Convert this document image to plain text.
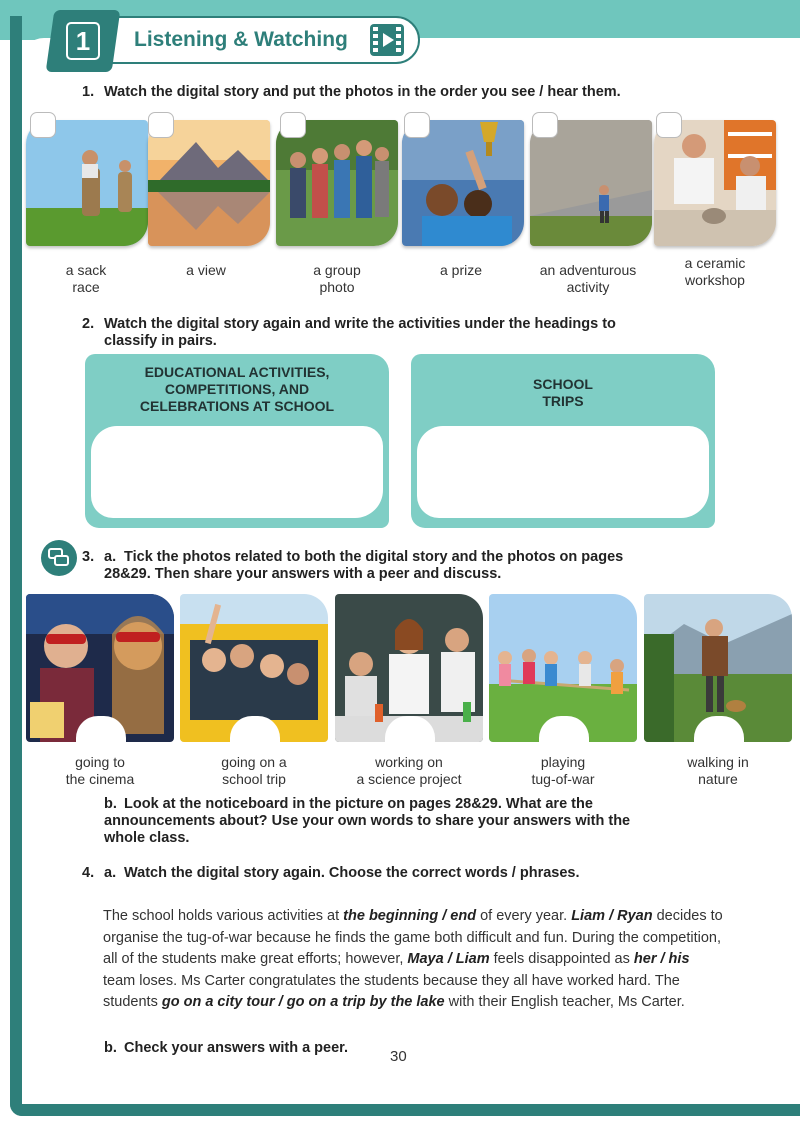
1	Listening & Watching
1. Watch the digital story and put the photos in the order you see / hear them.
a sack
race
a view	a group
photo
a prize	an adventurous
activity
a ceramic
workshop
2. Watch the digital story again and write the activities under the headings to
classify in pairs.
EDUCATIONAL ACTIVITIES,
COMPETITIONS, AND
CELEBRATIONS AT SCHOOL
SCHOOL
TRIPS
3. a. Tick the photos related to both the digital story and the photos on pages
28&29. Then share your answers with a peer and discuss.
going to
the cinema
going on a
school trip
working on
a science project
playing
tug-of-war
walking in
nature
b. Look at the noticeboard in the picture on pages 28&29. What are the
announcements about? Use your own words to share your answers with the
whole class.
4. a. Watch the digital story again. Choose the correct words / phrases.
The school holds various activities at the beginning / end of every year. Liam / Ryan decides to organise the tug-of-war because he finds the game both difficult and fun. During the competition, all of the students make great efforts; however, Maya / Liam feels disappointed as her / his team loses. Ms Carter congratulates the students because they all have worked hard. The students go on a city tour / go on a trip by the lake with their English teacher, Ms Carter.
b. Check your answers with a peer.	30
